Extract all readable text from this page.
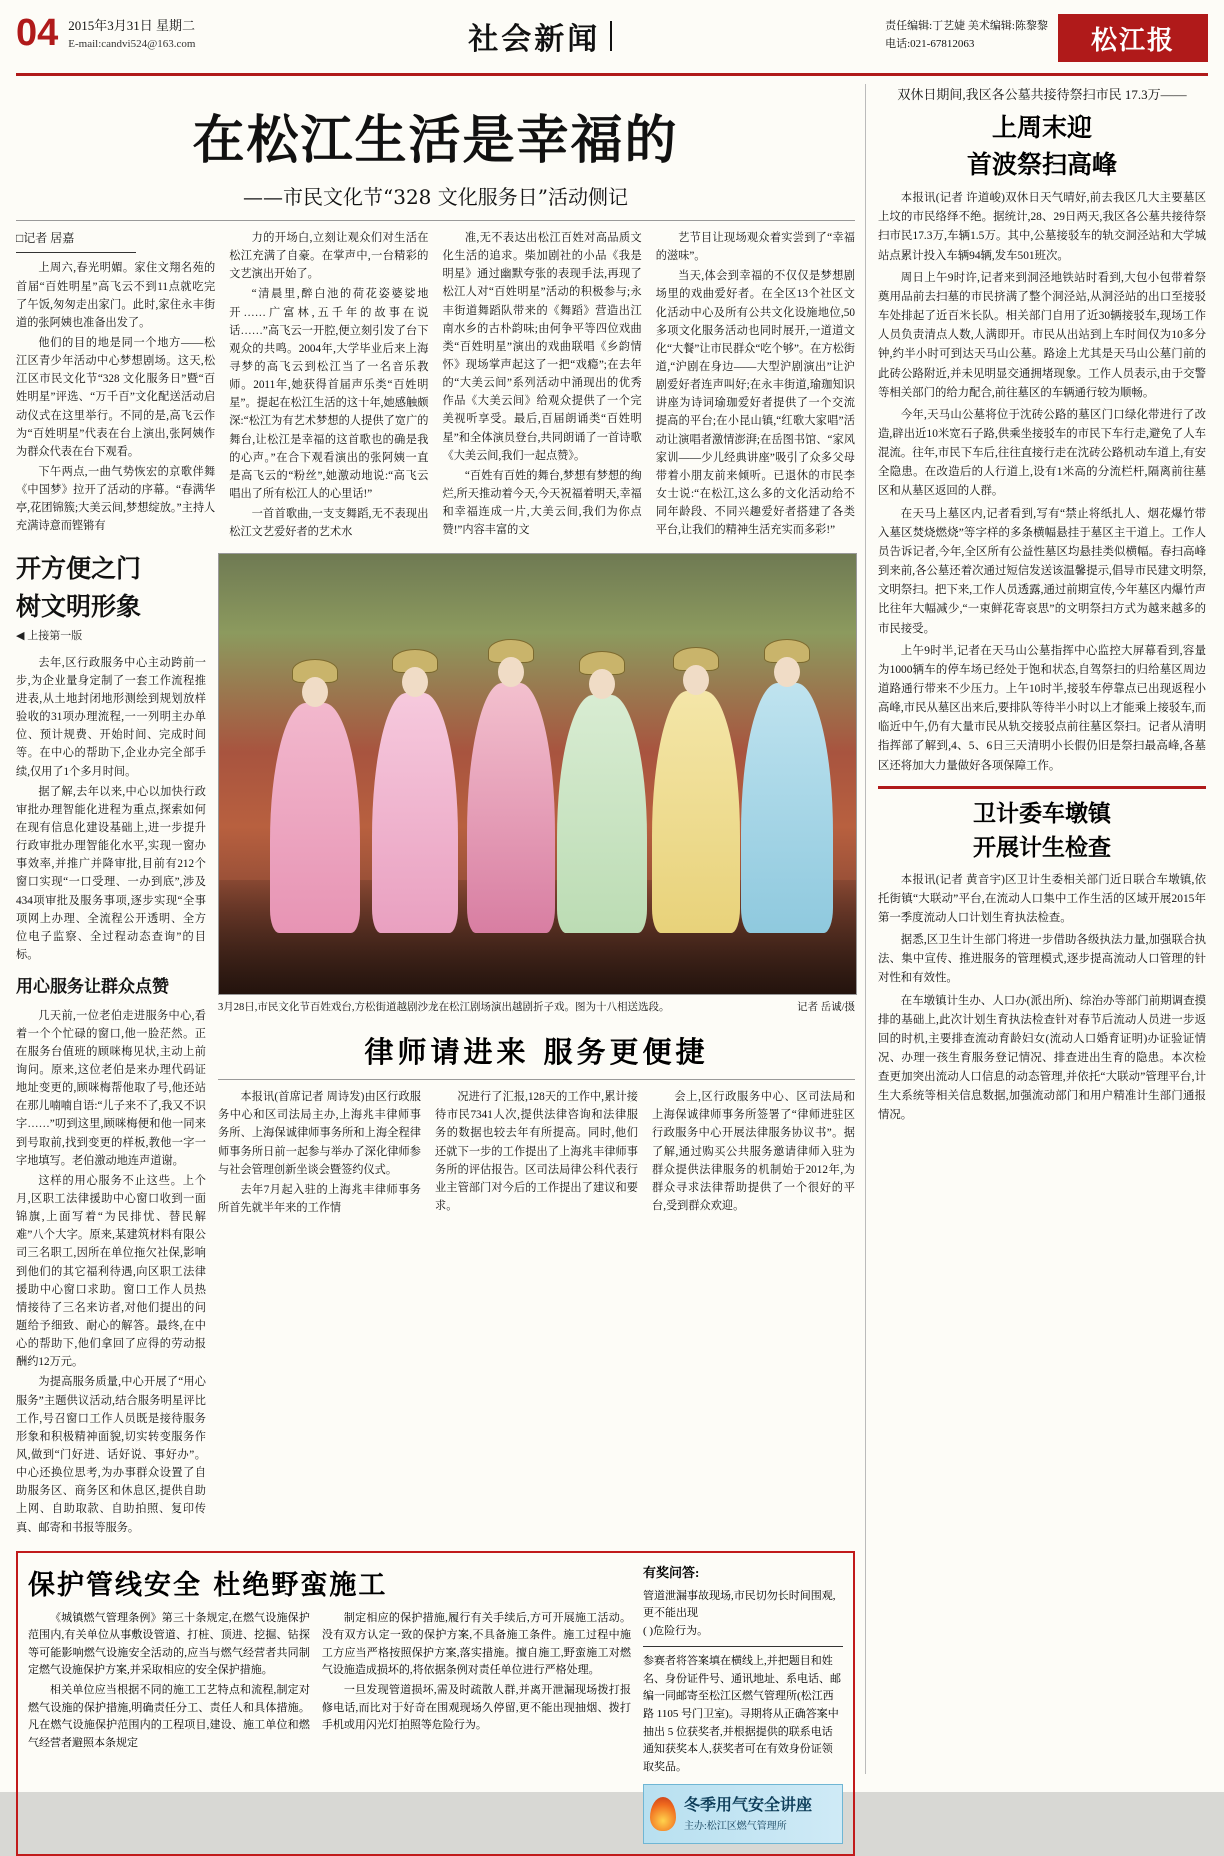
04 2015年3月31日 星期二
E-mail:candvi524@163.com	社会新闻	责任编辑:丁艺婕 美术编辑:陈黎黎
电话:021-67812063	松江报
在松江生活是幸福的
——市民文化节“328 文化服务日”活动侧记
□记者 居嘉

上周六,春光明媚。家住文翔名苑的首届“百姓明星”高飞云不到11点就吃完了午饭,匆匆走出家门。此时,家住永丰街道的张阿姨也准备出发了。

他们的目的地是同一个地方——松江区青少年活动中心梦想剧场。这天,松江区市民文化节“328 文化服务日”暨“百姓明星”评选、“万千百”文化配送活动启动仪式在这里举行。不同的是,高飞云作为“百姓明星”代表在台上演出,张阿姨作为群众代表在台下观看。

下午两点,一曲气势恢宏的京歌伴舞《中国梦》拉开了活动的序幕。“春满华亭,花团锦簇;大美云间,梦想绽放。”主持人充满诗意而铿锵有

力的开场白,立刻让观众们对生活在松江充满了自豪。在掌声中,一台精彩的文艺演出开始了。

“清晨里,醉白池的荷花姿婆娑地开……广富林,五千年的故事在说话……”高飞云一开腔,便立刻引发了台下观众的共鸣。2004年,大学毕业后来上海寻梦的高飞云到松江当了一名音乐教师。2011年,她获得首届声乐类“百姓明星”。提起在松江生活的这十年,她感触颇深:“松江为有艺术梦想的人提供了宽广的舞台,让松江是幸福的这首歌也的确是我的心声。”在合下观看演出的张阿姨一直是高飞云的“粉丝”,她激动地说:“高飞云唱出了所有松江人的心里话!”

一首首歌曲,一支支舞蹈,无不表现出松江文艺爱好者的艺术水

准,无不表达出松江百姓对高品质文化生活的追求。柴加剧社的小品《我是明星》通过幽默夸张的表现手法,再现了松江人对“百姓明星”活动的积极参与;永丰街道舞蹈队带来的《舞蹈》营造出江南水乡的古朴韵味;由何争平等四位戏曲类“百姓明星”演出的戏曲联唱《乡韵情怀》现场掌声起这了一把“戏瘾”;在去年的“大美云间”系列活动中涌现出的优秀作品《大美云间》给观众提供了一个完美视听享受。最后,百届朗诵类“百姓明星”和全体演员登台,共同朗诵了一首诗歌《大美云间,我们一起点赞》。

“百姓有百姓的舞台,梦想有梦想的绚烂,所天推动着今天,今天祝福着明天,幸福和幸福连成一片,大美云间,我们为你点赞!”内容丰富的文

艺节目让现场观众着实尝到了“幸福的滋味”。

当天,体会到幸福的不仅仅是梦想剧场里的戏曲爱好者。在全区13个社区文化活动中心及所有公共文化设施地位,50多项文化服务活动也同时展开,一道道文化“大餐”让市民群众“吃个够”。在方松街道,“沪剧在身边——大型沪剧演出”让沪剧爱好者连声叫好;在永丰街道,瑜珈知识讲座为诗词瑜珈爱好者提供了一个交流提高的平台;在小昆山镇,“红歌大家唱”活动让演唱者激情澎湃;在岳图书馆、“家风家训——少儿经典讲座”吸引了众多父母带着小朋友前来倾听。已退休的市民李女士说:“在松江,这么多的文化活动给不同年龄段、不同兴趣爱好者搭建了各类平台,让我们的精神生活充实而多彩!”

开方便之门
树文明形象
◀ 上接第一版

去年,区行政服务中心主动跨前一步,为企业量身定制了一套工作流程推进表,从土地封闭地形测绘到规划放样验收的31项办理流程,一一列明主办单位、预计规费、开始时间、完成时间等。在中心的帮助下,企业办完全部手续,仅用了1个多月时间。

据了解,去年以来,中心以加快行政审批办理智能化进程为重点,探索如何在现有信息化建设基础上,进一步提升行政审批办理智能化水平,实现一窗办事效率,并推广并降审批,目前有212个窗口实现“一口受理、一办到底”,涉及434项审批及服务事项,逐步实现“全事项网上办理、全流程公开透明、全方位电子监察、全过程动态查询”的目标。

用心服务让群众点赞

几天前,一位老伯走进服务中心,看着一个个忙碌的窗口,他一脸茫然。正在服务台值班的顾咪梅见状,主动上前询问。原来,这位老伯是来办理代码证地址变更的,顾咪梅帮他取了号,他还站在那儿喃喃自语:“儿子来不了,我又不识字……”叨到这里,顾咪梅便和他一同来到号取前,找到变更的样板,教他一字一字地填写。老伯激动地连声道谢。

这样的用心服务不止这些。上个月,区职工法律援助中心窗口收到一面锦旗,上面写着“为民排忧、替民解难”八个大字。原来,某建筑材料有限公司三名职工,因所在单位拖欠社保,影响到他们的其它福利待遇,向区职工法律援助中心窗口求助。窗口工作人员热情接待了三名来访者,对他们提出的问题给予细致、耐心的解答。最终,在中心的帮助下,他们拿回了应得的劳动报酬约12万元。

为提高服务质量,中心开展了“用心服务”主题供议活动,结合服务明星评比工作,号召窗口工作人员既是接待服务形象和积极精神面貌,切实转变服务作风,做到“门好进、话好说、事好办”。中心还换位思考,为办事群众设置了自助服务区、商务区和休息区,提供自助上网、自助取款、自助拍照、复印传真、邮寄和书报等服务。

3月28日,市民文化节百姓戏台,方松街道越剧沙龙在松江剧场演出越剧折子戏。图为十八相送选段。	记者 岳诚/摄
律师请进来 服务更便捷

本报讯(首席记者 周诗发)由区行政服务中心和区司法局主办,上海兆丰律师事务所、上海保诚律师事务所和上海全程律师事务所日前一起参与举办了深化律师参与社会管理创新坐谈会暨签约仪式。

去年7月起入驻的上海兆丰律师事务所首先就半年来的工作情

况进行了汇报,128天的工作中,累计接待市民7341人次,提供法律咨询和法律服务的数据也较去年有所提高。同时,他们还就下一步的工作提出了上海兆丰律师事务所的评估报告。区司法局律公科代表行业主管部门对今后的工作提出了建议和要求。

会上,区行政服务中心、区司法局和上海保诚律师事务所签署了“律师进驻区行政服务中心开展法律服务协议书”。据了解,通过购买公共服务邀请律师入驻为群众提供法律服务的机制始于2012年,为群众寻求法律帮助提供了一个很好的平台,受到群众欢迎。

保护管线安全 杜绝野蛮施工

《城镇燃气管理条例》第三十条规定,在燃气设施保护范围内,有关单位从事敷设管道、打桩、顶进、挖掘、钻探等可能影响燃气设施安全活动的,应当与燃气经营者共同制定燃气设施保护方案,并采取相应的安全保护措施。

相关单位应当根据不同的施工工艺特点和流程,制定对燃气设施的保护措施,明确责任分工、责任人和具体措施。凡在燃气设施保护范围内的工程项目,建设、施工单位和燃气经营者避照本条规定

制定相应的保护措施,履行有关手续后,方可开展施工活动。没有双方认定一致的保护方案,不具备施工条件。施工过程中施工方应当严格按照保护方案,落实措施。擅自施工,野蛮施工对燃气设施造成损坏的,将依据条例对责任单位进行严格处理。

一旦发现管道损坏,需及时疏散人群,并离开泄漏现场拨打报修电话,而比对于好奇在围观现场久停留,更不能出现抽烟、拨打手机或用闪光灯拍照等危险行为。

有奖问答:
管道泄漏事故现场,市民切勿长时间围观,更不能出现
( )危险行为。
参赛者将答案填在横线上,并把题目和姓名、身份证件号、通讯地址、系电话、邮编一同邮寄至松江区燃气管理所(松江西路 1105 号门卫室)。寻期将从正确答案中抽出 5 位获奖者,并根据提供的联系电话通知获奖本人,获奖者可在有效身份证领取奖品。
冬季用气安全讲座
主办:松江区燃气管理所
双休日期间,我区各公墓共接待祭扫市民 17.3万——
上周末迎
首波祭扫高峰

本报讯(记者 许道峻)双休日天气晴好,前去我区几大主要墓区上坟的市民络绎不绝。据统计,28、29日两天,我区各公墓共接待祭扫市民17.3万,车辆1.5万。其中,公墓接驳车的轨交洞泾站和大学城站点累计投入车辆94辆,发车501班次。

周日上午9时许,记者来到洞泾地铁站时看到,大包小包带着祭奠用品前去扫墓的市民挤满了整个洞泾站,从洞泾站的出口至接驳车处排起了近百米长队。相关部门自用了近30辆接驳车,现场工作人员负责清点人数,人满即开。市民从出站到上车时间仅为10多分钟,约半小时可到达天马山公墓。路途上尤其是天马山公墓门前的此砖公路附近,并未见明显交通拥堵现象。工作人员表示,由于交警等相关部门的给力配合,前往墓区的车辆通行较为顺畅。

今年,天马山公墓将位于沈砖公路的墓区门口绿化带进行了改造,辟出近10米宽石子路,供乘坐接驳车的市民下车行走,避免了人车混流。往年,市民下车后,往往直接行走在沈砖公路机动车道上,有安全隐患。在改造后的人行道上,设有1米高的分流栏杆,隔离前往墓区和从墓区返回的人群。

在天马上墓区内,记者看到,写有“禁止将纸扎人、烟花爆竹带入墓区焚烧燃烧”等字样的多条横幅悬挂于墓区主干道上。工作人员告诉记者,今年,全区所有公益性墓区均悬挂类似横幅。春扫高峰到来前,各公墓还着次通过短信发送该温馨提示,倡导市民建文明祭,文明祭扫。把下来,工作人员透露,通过前期宣传,今年墓区内爆竹声比往年大幅减少,“一束鲜花寄哀思”的文明祭扫方式为越来越多的市民接受。

上午9时半,记者在天马山公墓指挥中心监控大屏幕看到,容量为1000辆车的停车场已经处于饱和状态,自驾祭扫的归给墓区周边道路通行带来不少压力。上午10时半,接驳车停靠点已出现返程小高峰,市民从墓区出来后,要排队等待半小时以上才能乘上接驳车,而临近中午,仍有大量市民从轨交接驳点前往墓区祭扫。记者从清明指挥部了解到,4、5、6日三天清明小长假仍旧是祭扫最高峰,各墓区还将加大力量做好各项保障工作。

卫计委车墩镇
开展计生检查

本报讯(记者 黄音宇)区卫计生委相关部门近日联合车墩镇,依托街镇“大联动”平台,在流动人口集中工作生活的区域开展2015年第一季度流动人口计划生育执法检查。

据悉,区卫生计生部门将进一步借助各级执法力量,加强联合执法、集中宣传、推进服务的管理模式,逐步提高流动人口管理的针对性和有效性。

在车墩镇计生办、人口办(派出所)、综治办等部门前期调查摸排的基础上,此次计划生育执法检查针对春节后流动人员进一步返回的时机,主要排查流动育龄妇女(流动人口婚育证明)办证验证情况、办理一孩生育服务登记情况、排查进出生育的隐患。本次检查更加突出流动人口信息的动态管理,并依托“大联动”管理平台,计生大系统等相关信息数据,加强流动部门和用户精准计生部门通报情况。
